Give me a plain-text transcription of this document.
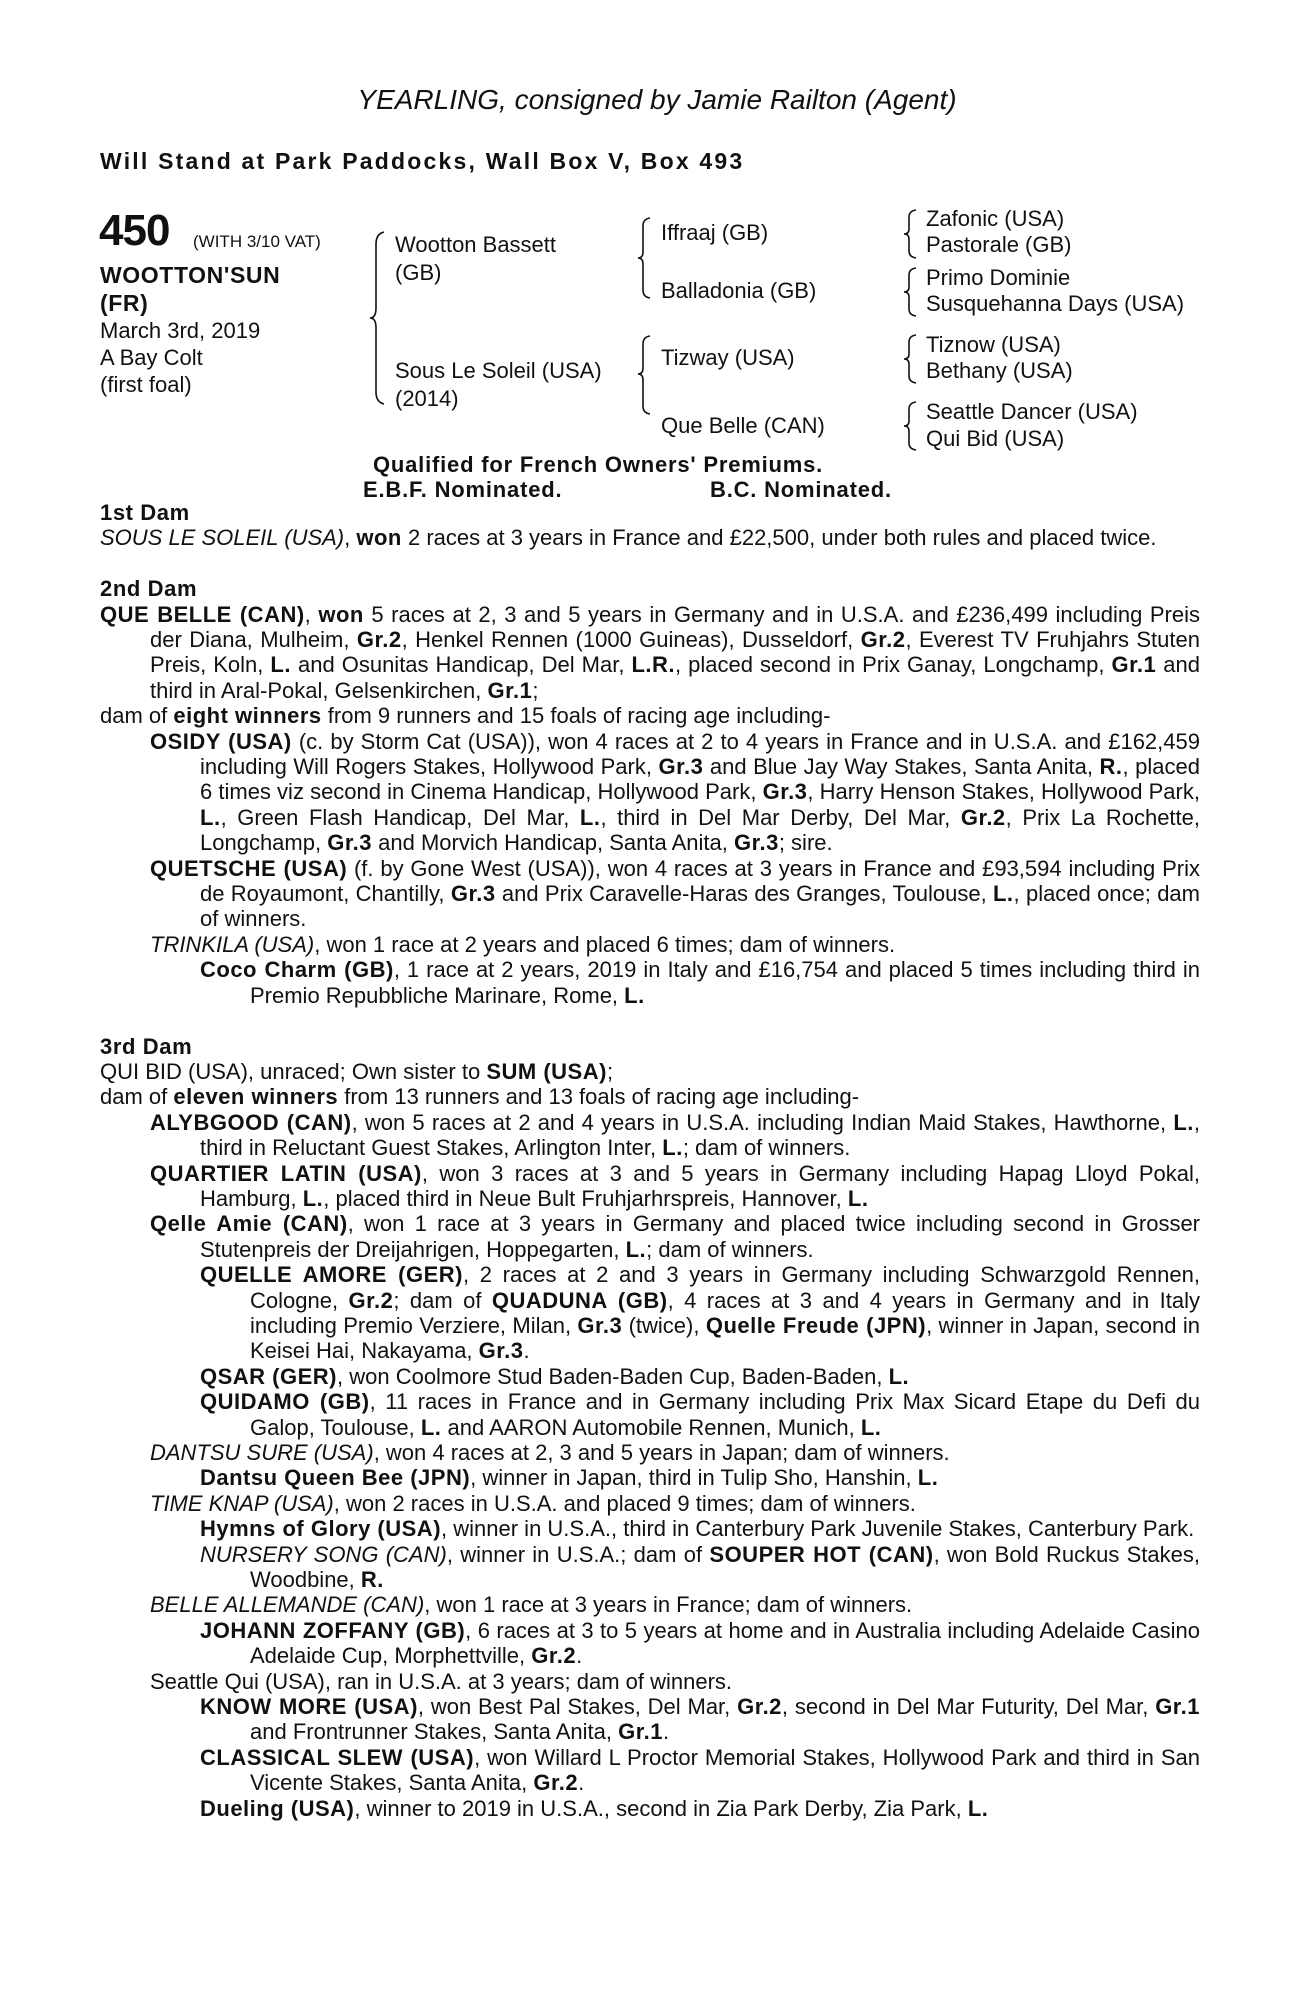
YEARLING, consigned by Jamie Railton (Agent)
Will Stand at Park Paddocks, Wall Box V, Box 493
450 (WITH 3/10 VAT)
WOOTTON'SUN
(FR)
March 3rd, 2019
A Bay Colt
(first foal)
Wootton Bassett
(GB)
Sous Le Soleil (USA)
(2014)
Iffraaj (GB)
Balladonia (GB)
Tizway (USA)
Que Belle (CAN)
Zafonic (USA)
Pastorale (GB)
Primo Dominie
Susquehanna Days (USA)
Tiznow (USA)
Bethany (USA)
Seattle Dancer (USA)
Qui Bid (USA)
Qualified for French Owners' Premiums.
E.B.F. Nominated.	B.C. Nominated.
1st Dam
SOUS LE SOLEIL (USA), won 2 races at 3 years in France and £22,500, under both rules and placed twice.
2nd Dam
QUE BELLE (CAN), won 5 races at 2, 3 and 5 years in Germany and in U.S.A. and £236,499 including Preis der Diana, Mulheim, Gr.2, Henkel Rennen (1000 Guineas), Dusseldorf, Gr.2, Everest TV Fruhjahrs Stuten Preis, Koln, L. and Osunitas Handicap, Del Mar, L.R., placed second in Prix Ganay, Longchamp, Gr.1 and third in Aral-Pokal, Gelsenkirchen, Gr.1;
dam of eight winners from 9 runners and 15 foals of racing age including-
OSIDY (USA) (c. by Storm Cat (USA)), won 4 races at 2 to 4 years in France and in U.S.A. and £162,459 including Will Rogers Stakes, Hollywood Park, Gr.3 and Blue Jay Way Stakes, Santa Anita, R., placed 6 times viz second in Cinema Handicap, Hollywood Park, Gr.3, Harry Henson Stakes, Hollywood Park, L., Green Flash Handicap, Del Mar, L., third in Del Mar Derby, Del Mar, Gr.2, Prix La Rochette, Longchamp, Gr.3 and Morvich Handicap, Santa Anita, Gr.3; sire.
QUETSCHE (USA) (f. by Gone West (USA)), won 4 races at 3 years in France and £93,594 including Prix de Royaumont, Chantilly, Gr.3 and Prix Caravelle-Haras des Granges, Toulouse, L., placed once; dam of winners.
TRINKILA (USA), won 1 race at 2 years and placed 6 times; dam of winners.
Coco Charm (GB), 1 race at 2 years, 2019 in Italy and £16,754 and placed 5 times including third in Premio Repubbliche Marinare, Rome, L.
3rd Dam
QUI BID (USA), unraced; Own sister to SUM (USA);
dam of eleven winners from 13 runners and 13 foals of racing age including-
ALYBGOOD (CAN), won 5 races at 2 and 4 years in U.S.A. including Indian Maid Stakes, Hawthorne, L., third in Reluctant Guest Stakes, Arlington Inter, L.; dam of winners.
QUARTIER LATIN (USA), won 3 races at 3 and 5 years in Germany including Hapag Lloyd Pokal, Hamburg, L., placed third in Neue Bult Fruhjarhrspreis, Hannover, L.
Qelle Amie (CAN), won 1 race at 3 years in Germany and placed twice including second in Grosser Stutenpreis der Dreijahrigen, Hoppegarten, L.; dam of winners.
QUELLE AMORE (GER), 2 races at 2 and 3 years in Germany including Schwarzgold Rennen, Cologne, Gr.2; dam of QUADUNA (GB), 4 races at 3 and 4 years in Germany and in Italy including Premio Verziere, Milan, Gr.3 (twice), Quelle Freude (JPN), winner in Japan, second in Keisei Hai, Nakayama, Gr.3.
QSAR (GER), won Coolmore Stud Baden-Baden Cup, Baden-Baden, L.
QUIDAMO (GB), 11 races in France and in Germany including Prix Max Sicard Etape du Defi du Galop, Toulouse, L. and AARON Automobile Rennen, Munich, L.
DANTSU SURE (USA), won 4 races at 2, 3 and 5 years in Japan; dam of winners.
Dantsu Queen Bee (JPN), winner in Japan, third in Tulip Sho, Hanshin, L.
TIME KNAP (USA), won 2 races in U.S.A. and placed 9 times; dam of winners.
Hymns of Glory (USA), winner in U.S.A., third in Canterbury Park Juvenile Stakes, Canterbury Park.
NURSERY SONG (CAN), winner in U.S.A.; dam of SOUPER HOT (CAN), won Bold Ruckus Stakes, Woodbine, R.
BELLE ALLEMANDE (CAN), won 1 race at 3 years in France; dam of winners.
JOHANN ZOFFANY (GB), 6 races at 3 to 5 years at home and in Australia including Adelaide Casino Adelaide Cup, Morphettville, Gr.2.
Seattle Qui (USA), ran in U.S.A. at 3 years; dam of winners.
KNOW MORE (USA), won Best Pal Stakes, Del Mar, Gr.2, second in Del Mar Futurity, Del Mar, Gr.1 and Frontrunner Stakes, Santa Anita, Gr.1.
CLASSICAL SLEW (USA), won Willard L Proctor Memorial Stakes, Hollywood Park and third in San Vicente Stakes, Santa Anita, Gr.2.
Dueling (USA), winner to 2019 in U.S.A., second in Zia Park Derby, Zia Park, L.
